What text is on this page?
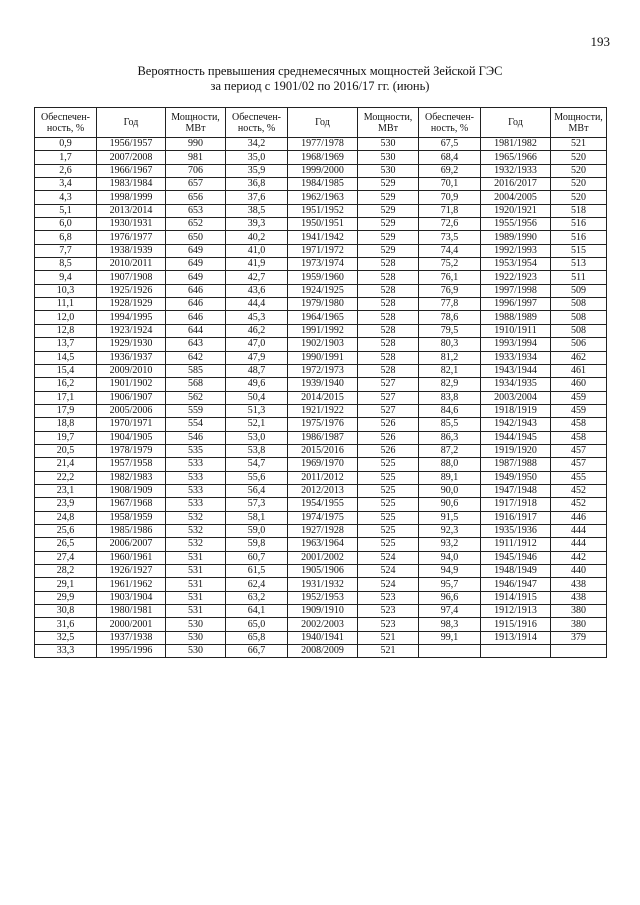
193
Вероятность превышения среднемесячных мощностей Зейской ГЭС
за период с 1901/02 по 2016/17 гг. (июнь)
Обеспечен-ность, %	Год	Мощности, МВт	Обеспечен-ность, %	Год	Мощности, МВт	Обеспечен-ность, %	Год	Мощности, МВт
0,9	1956/1957	990	34,2	1977/1978	530	67,5	1981/1982	521
1,7	2007/2008	981	35,0	1968/1969	530	68,4	1965/1966	520
2,6	1966/1967	706	35,9	1999/2000	530	69,2	1932/1933	520
3,4	1983/1984	657	36,8	1984/1985	529	70,1	2016/2017	520
4,3	1998/1999	656	37,6	1962/1963	529	70,9	2004/2005	520
5,1	2013/2014	653	38,5	1951/1952	529	71,8	1920/1921	518
6,0	1930/1931	652	39,3	1950/1951	529	72,6	1955/1956	516
6,8	1976/1977	650	40,2	1941/1942	529	73,5	1989/1990	516
7,7	1938/1939	649	41,0	1971/1972	529	74,4	1992/1993	515
8,5	2010/2011	649	41,9	1973/1974	528	75,2	1953/1954	513
9,4	1907/1908	649	42,7	1959/1960	528	76,1	1922/1923	511
10,3	1925/1926	646	43,6	1924/1925	528	76,9	1997/1998	509
11,1	1928/1929	646	44,4	1979/1980	528	77,8	1996/1997	508
12,0	1994/1995	646	45,3	1964/1965	528	78,6	1988/1989	508
12,8	1923/1924	644	46,2	1991/1992	528	79,5	1910/1911	508
13,7	1929/1930	643	47,0	1902/1903	528	80,3	1993/1994	506
14,5	1936/1937	642	47,9	1990/1991	528	81,2	1933/1934	462
15,4	2009/2010	585	48,7	1972/1973	528	82,1	1943/1944	461
16,2	1901/1902	568	49,6	1939/1940	527	82,9	1934/1935	460
17,1	1906/1907	562	50,4	2014/2015	527	83,8	2003/2004	459
17,9	2005/2006	559	51,3	1921/1922	527	84,6	1918/1919	459
18,8	1970/1971	554	52,1	1975/1976	526	85,5	1942/1943	458
19,7	1904/1905	546	53,0	1986/1987	526	86,3	1944/1945	458
20,5	1978/1979	535	53,8	2015/2016	526	87,2	1919/1920	457
21,4	1957/1958	533	54,7	1969/1970	525	88,0	1987/1988	457
22,2	1982/1983	533	55,6	2011/2012	525	89,1	1949/1950	455
23,1	1908/1909	533	56,4	2012/2013	525	90,0	1947/1948	452
23,9	1967/1968	533	57,3	1954/1955	525	90,6	1917/1918	452
24,8	1958/1959	532	58,1	1974/1975	525	91,5	1916/1917	446
25,6	1985/1986	532	59,0	1927/1928	525	92,3	1935/1936	444
26,5	2006/2007	532	59,8	1963/1964	525	93,2	1911/1912	444
27,4	1960/1961	531	60,7	2001/2002	524	94,0	1945/1946	442
28,2	1926/1927	531	61,5	1905/1906	524	94,9	1948/1949	440
29,1	1961/1962	531	62,4	1931/1932	524	95,7	1946/1947	438
29,9	1903/1904	531	63,2	1952/1953	523	96,6	1914/1915	438
30,8	1980/1981	531	64,1	1909/1910	523	97,4	1912/1913	380
31,6	2000/2001	530	65,0	2002/2003	523	98,3	1915/1916	380
32,5	1937/1938	530	65,8	1940/1941	521	99,1	1913/1914	379
33,3	1995/1996	530	66,7	2008/2009	521			
